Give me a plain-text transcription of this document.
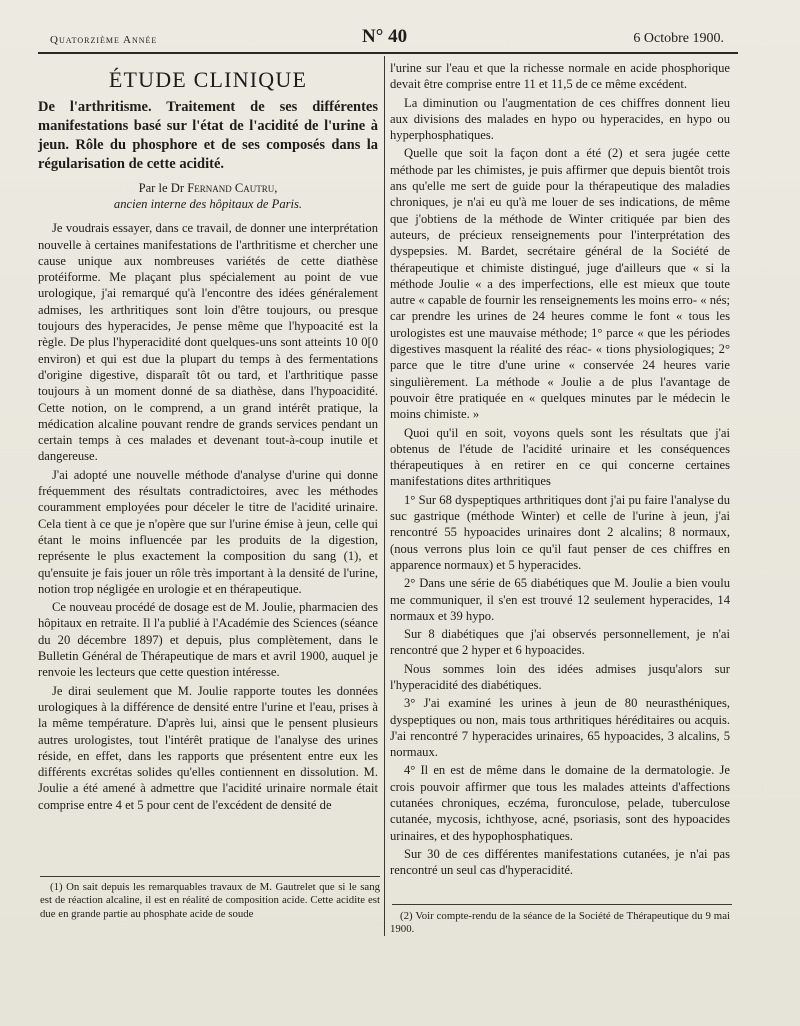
Quatorzième Année	N° 40	6 Octobre 1900.
ÉTUDE CLINIQUE
De l'arthritisme. Traitement de ses différentes manifestations basé sur l'état de l'acidité de l'urine à jeun. Rôle du phosphore et de ses composés dans la régularisation de cette acidité.
Par le Dr Fernand Cautru,
ancien interne des hôpitaux de Paris.

Je voudrais essayer, dans ce travail, de donner une interprétation nouvelle à certaines manifestations de l'arthritisme et chercher une cause unique aux nombreuses variétés de cette diathèse protéiforme. Me plaçant plus spécialement au point de vue urologique, j'ai remarqué qu'à l'encontre des idées généralement admises, les arthritiques sont loin d'être toujours, ou presque toujours des hyperacides, Je pense même que l'hypoacité est la règle. De plus l'hyperacidité dont quelques-uns sont atteints 10 0[0 environ) et qui est due la plupart du temps à des fermentations d'origine digestive, disparaît tôt ou tard, et l'arthritique passe toujours à un moment donné de sa diathèse, dans l'hypoacidité. Cette notion, on le comprend, a un grand intérêt pratique, la médication alcaline pouvant rendre de grands services pendant un certain temps à ces malades et devenant tout-à-coup inutile et dangereuse.

J'ai adopté une nouvelle méthode d'analyse d'urine qui donne fréquemment des résultats contradictoires, avec les méthodes couramment employées pour déceler le titre de l'acidité urinaire. Cela tient à ce que je n'opère que sur l'urine émise à jeun, celle qui étant le moins influencée par les produits de la digestion, représente le plus exactement la composition du sang (1), et qu'ensuite je fais jouer un rôle très important à la densité de l'urine, notion trop négligée en urologie et en thérapeutique.

Ce nouveau procédé de dosage est de M. Joulie, pharmacien des hôpitaux en retraite. Il l'a publié à l'Académie des Sciences (séance du 20 décembre 1897) et depuis, plus complètement, dans le Bulletin Général de Thérapeutique de mars et avril 1900, auquel je renvoie les lecteurs que cette question intéresse.

Je dirai seulement que M. Joulie rapporte toutes les données urologiques à la différence de densité entre l'urine et l'eau, prises à la même température. D'après lui, ainsi que le pensent plusieurs autres urologistes, tout l'intérêt pratique de l'analyse des urines réside, en effet, dans les rapports que présentent entre eux les différents excrétas solides qu'elles contiennent en dissolution. M. Joulie a été amené à admettre que l'acidité urinaire normale était comprise entre 4 et 5 pour cent de l'excédent de densité de

(1) On sait depuis les remarquables travaux de M. Gautrelet que si le sang est de réaction alcaline, il est en réalité de composition acide. Cette acidite est due en grande partie au phosphate acide de soude

l'urine sur l'eau et que la richesse normale en acide phosphorique devait être comprise entre 11 et 11,5 de ce même excédent.

La diminution ou l'augmentation de ces chiffres donnent lieu aux divisions des malades en hypo ou hyperacides, en hypo ou hyperphosphatiques.

Quelle que soit la façon dont a été (2) et sera jugée cette méthode par les chimistes, je puis affirmer que depuis bientôt trois ans qu'elle me sert de guide pour la thérapeutique des maladies chroniques, je n'ai eu qu'à me louer de ses indications, de même que j'obtiens de la méthode de Winter critiquée par bien des auteurs, de précieux renseignements pour l'interprétation des dyspepsies. M. Bardet, secrétaire général de la Société de thérapeutique et chimiste distingué, juge d'ailleurs que « si la méthode Joulie « a des imperfections, elle est mieux que toute autre « capable de fournir les renseignements les moins erro- « nés; car prendre les urines de 24 heures comme le font « tous les urologistes est une mauvaise méthode; 1° parce « que les périodes digestives masquent la réalité des réac- « tions physiologiques; 2° parce que le titre d'une urine « conservée 24 heures varie singulièrement. La méthode « Joulie a de plus l'avantage de pouvoir être pratiquée en « quelques minutes par le médecin le moins chimiste. »

Quoi qu'il en soit, voyons quels sont les résultats que j'ai obtenus de l'étude de l'acidité urinaire et les conséquences thérapeutiques à en retirer en ce qui concerne certaines manifestations dites arthritiques

1° Sur 68 dyspeptiques arthritiques dont j'ai pu faire l'analyse du suc gastrique (méthode Winter) et celle de l'urine à jeun, j'ai rencontré 55 hypoacides urinaires dont 2 alcalins; 8 normaux, (nous verrons plus loin ce qu'il faut penser de ces chiffres en apparence normaux) et 5 hyperacides.

2° Dans une série de 65 diabétiques que M. Joulie a bien voulu me communiquer, il s'en est trouvé 12 seulement hyperacides, 14 normaux et 39 hypo.

Sur 8 diabétiques que j'ai observés personnellement, je n'ai rencontré que 2 hyper et 6 hypoacides.

Nous sommes loin des idées admises jusqu'alors sur l'hyperacidité des diabétiques.

3° J'ai examiné les urines à jeun de 80 neurasthéniques, dyspeptiques ou non, mais tous arthritiques héréditaires ou acquis. J'ai rencontré 7 hyperacides urinaires, 65 hypoacides, 3 alcalins, 5 normaux.

4° Il en est de même dans le domaine de la dermatologie. Je crois pouvoir affirmer que tous les malades atteints d'affections cutanées chroniques, eczéma, furonculose, pelade, tuberculose cutanée, mycosis, ichthyose, acné, psoriasis, sont des hypoacides urinaires, et des hypophosphatiques.

Sur 30 de ces différentes manifestations cutanées, je n'ai pas rencontré un seul cas d'hyperacidité.

(2) Voir compte-rendu de la séance de la Société de Thérapeutique du 9 mai 1900.
